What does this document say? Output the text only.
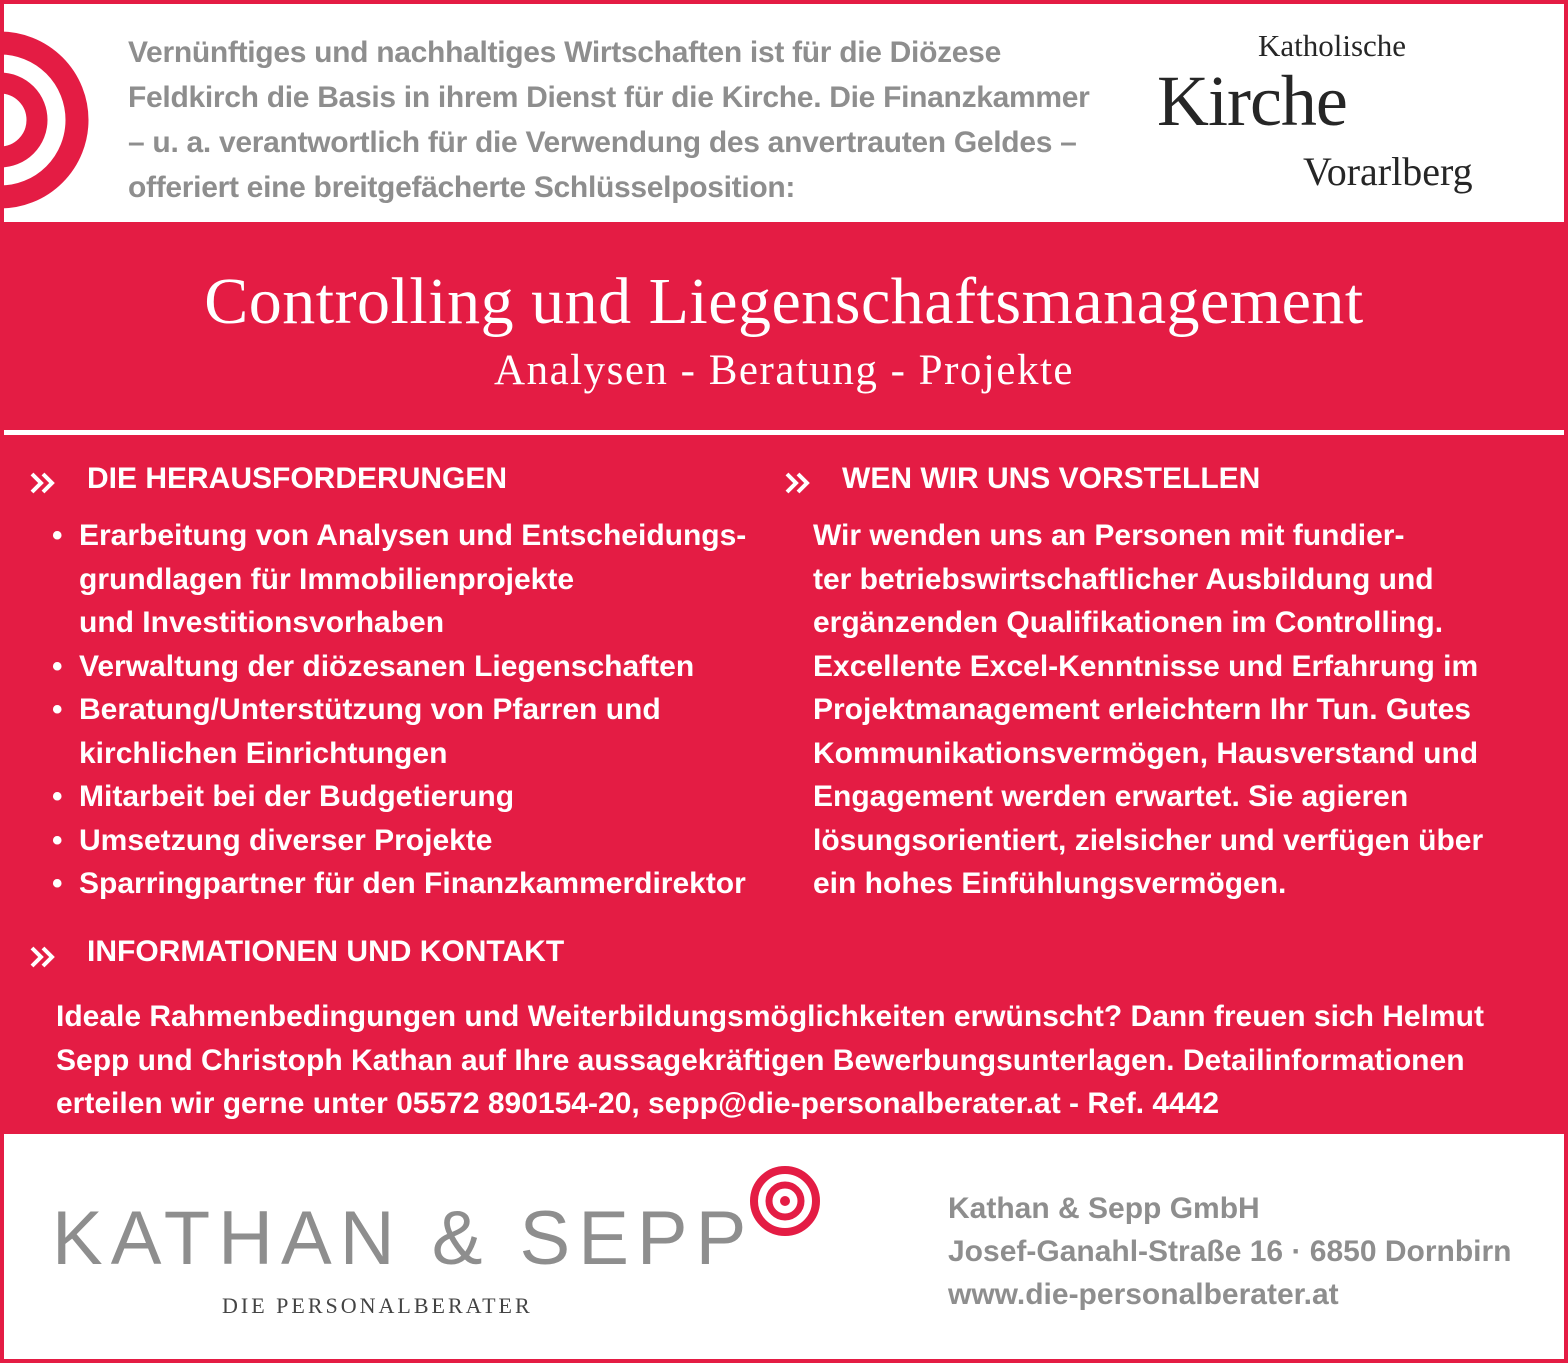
Vernünftiges und nachhaltiges Wirtschaften ist für die Diözese
Feldkirch die Basis in ihrem Dienst für die Kirche. Die Finanzkammer
– u. a. verantwortlich für die Verwendung des anvertrauten Geldes –
offeriert eine breitgefächerte Schlüsselposition:

Katholische
Kirche
Vorarlberg
Controlling und Liegenschaftsmanagement
Analysen - Beratung - Projekte
DIE HERAUSFORDERUNGEN	WEN WIR UNS VORSTELLEN
• Erarbeitung von Analysen und Entscheidungs-
grundlagen für Immobilienprojekte
und Investitionsvorhaben
• Verwaltung der diözesanen Liegenschaften
• Beratung/Unterstützung von Pfarren und
kirchlichen Einrichtungen
• Mitarbeit bei der Budgetierung
• Umsetzung diverser Projekte
• Sparringpartner für den Finanzkammerdirektor

Wir wenden uns an Personen mit fundier-
ter betriebswirtschaftlicher Ausbildung und
ergänzenden Qualifikationen im Controlling.
Excellente Excel-Kenntnisse und Erfahrung im
Projektmanagement erleichtern Ihr Tun. Gutes
Kommunikationsvermögen, Hausverstand und
Engagement werden erwartet. Sie agieren
lösungsorientiert, zielsicher und verfügen über
ein hohes Einfühlungsvermögen.

INFORMATIONEN UND KONTAKT

Ideale Rahmenbedingungen und Weiterbildungsmöglichkeiten erwünscht? Dann freuen sich Helmut
Sepp und Christoph Kathan auf Ihre aussagekräftigen Bewerbungsunterlagen. Detailinformationen
erteilen wir gerne unter 05572 890154-20, sepp@die-personalberater.at - Ref. 4442

KATHAN & SEPP
DIE PERSONALBERATER

Kathan & Sepp GmbH
Josef-Ganahl-Straße 16 · 6850 Dornbirn
www.die-personalberater.at
